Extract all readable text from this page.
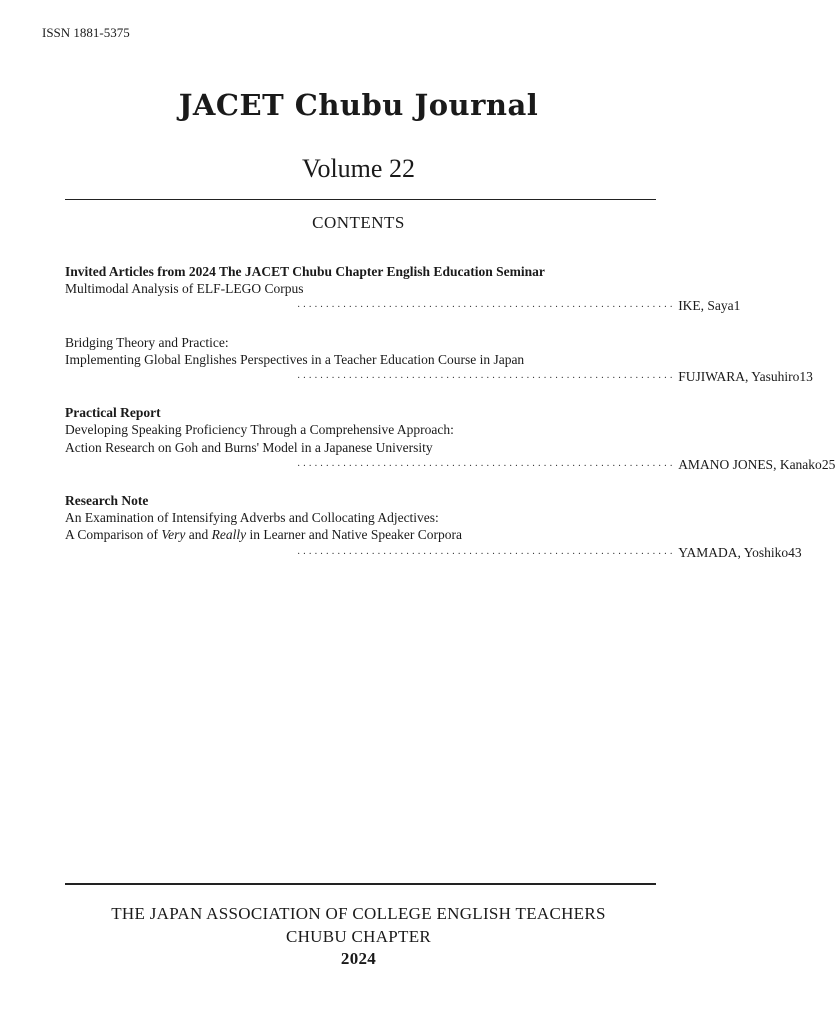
ISSN 1881-5375
JACET Chubu Journal
Volume 22
CONTENTS
Invited Articles from 2024 The JACET Chubu Chapter English Education Seminar
Multimodal Analysis of ELF-LEGO Corpus
·································································· IKE, Saya 1
Bridging Theory and Practice:
Implementing Global Englishes Perspectives in a Teacher Education Course in Japan
·································································· FUJIWARA, Yasuhiro 13
Practical Report
Developing Speaking Proficiency Through a Comprehensive Approach:
Action Research on Goh and Burns' Model in a Japanese University
·································································· AMANO JONES, Kanako 25
Research Note
An Examination of Intensifying Adverbs and Collocating Adjectives:
A Comparison of Very and Really in Learner and Native Speaker Corpora
·································································· YAMADA, Yoshiko 43
THE JAPAN ASSOCIATION OF COLLEGE ENGLISH TEACHERS
CHUBU CHAPTER
2024
